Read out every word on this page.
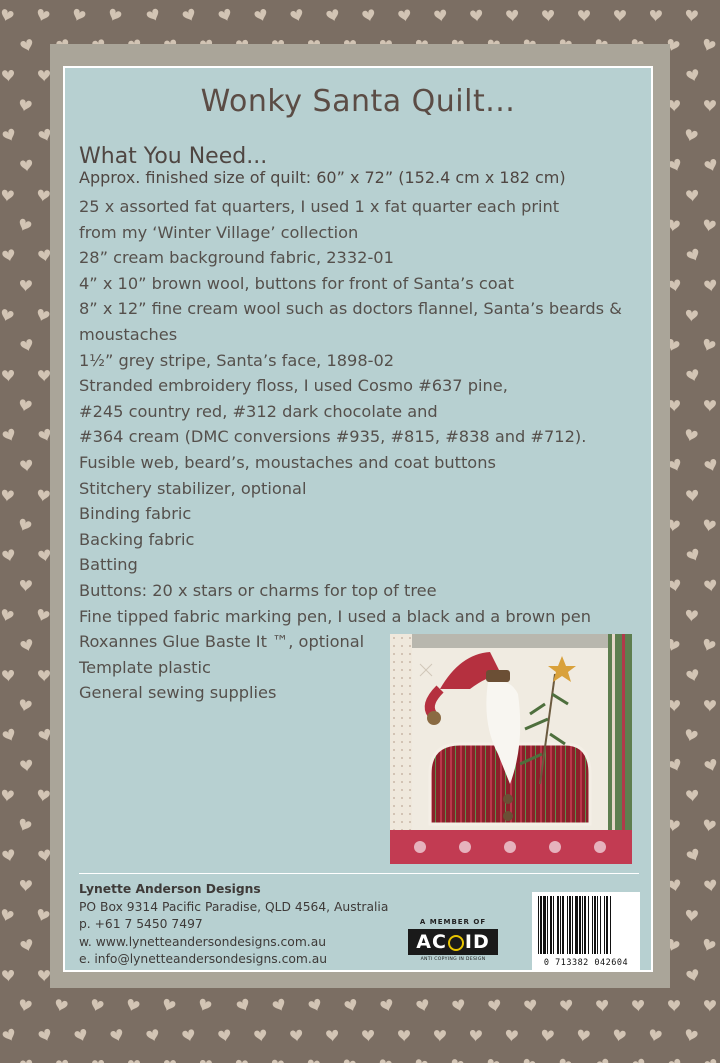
Wonky Santa Quilt...
What You Need...
Approx. finished size of quilt: 60” x 72” (152.4 cm x 182 cm)
25 x assorted fat quarters, I used 1 x fat quarter each print
from my ‘Winter Village’ collection
28” cream background fabric, 2332-01
4” x 10” brown wool, buttons for front of Santa’s coat
8” x 12” fine cream wool such as doctors flannel, Santa’s beards &
moustaches
1½” grey stripe, Santa’s face, 1898-02
Stranded embroidery floss, I used Cosmo #637 pine,
#245 country red, #312 dark chocolate and
#364 cream (DMC conversions #935, #815, #838 and #712).
Fusible web, beard’s, moustaches and coat buttons
Stitchery stabilizer, optional
Binding fabric
Backing fabric
Batting
Buttons: 20 x stars or charms for top of tree
Fine tipped fabric marking pen, I used a black and a brown pen
Roxannes Glue Baste It ™, optional
Template plastic
General sewing supplies
Lynette Anderson Designs
PO Box 9314 Pacific Paradise, QLD 4564, Australia
p. +61 7 5450 7497
w. www.lynetteandersondesigns.com.au
e. info@lynetteandersondesigns.com.au
A MEMBER OF
AC ID
ANTI COPYING IN DESIGN	0 713382 042604
